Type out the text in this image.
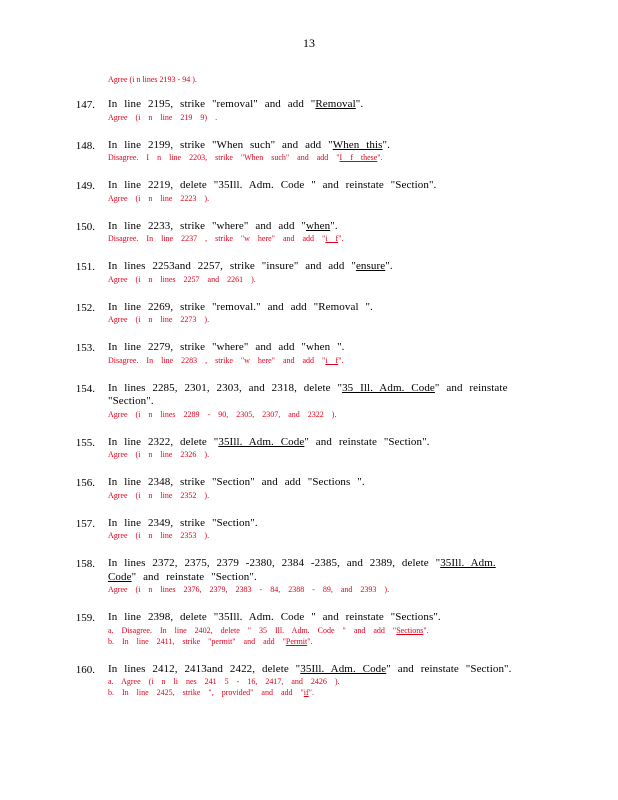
13
Agree (i n lines 2193 - 94 ).
147.	In line 2195, strike "removal" and add "Removal".
Agree (i n line 219 9) .
148.	In line 2199, strike "When such" and add "When this".
Disagree. I n line 2203, strike "When such" and add "I f these".
149.	In line 2219, delete "35Ill. Adm. Code " and reinstate "Section".
Agree (i n line 2223 ).
150.	In line 2233, strike "where" and add "when".
Disagree. In line 2237 , strike "w here" and add "i f".
151.	In lines 2253and 2257, strike "insure" and add "ensure".
Agree (i n lines 2257 and 2261 ).
152.	In line 2269, strike "removal." and add "Removal ".
Agree (i n line 2273 ).
153.	In line 2279, strike "where" and add "when ".
Disagree. In line 2283 , strike "w here" and add "i f".
154.	In lines 2285, 2301, 2303, and 2318, delete "35 Ill. Adm. Code" and reinstate "Section".
Agree (i n lines 2289 - 90, 2305, 2307, and 2322 ).
155.	In line 2322, delete "35Ill. Adm. Code" and reinstate "Section".
Agree (i n line 2326 ).
156.	In line 2348, strike "Section" and add "Sections ".
Agree (i n line 2352 ).
157.	In line 2349, strike "Section".
Agree (i n line 2353 ).
158.	In lines 2372, 2375, 2379 -2380, 2384 -2385, and 2389, delete "35Ill. Adm. Code" and reinstate "Section".
Agree (i n lines 2376, 2379, 2383 - 84, 2388 - 89, and 2393 ).
159.	In line 2398, delete "35Ill. Adm. Code " and reinstate "Sections".
a. Disagree. In line 2402, delete " 35 Ill. Adm. Code " and add "Sections".
b. In line 2411, strike "permit" and add "Permit".
160.	In lines 2412, 2413and 2422, delete "35Ill. Adm. Code" and reinstate "Section".
a. Agree (i n li nes 241 5 - 16, 2417, and 2426 ).
b. In line 2425, strike ", provided" and add "if".
